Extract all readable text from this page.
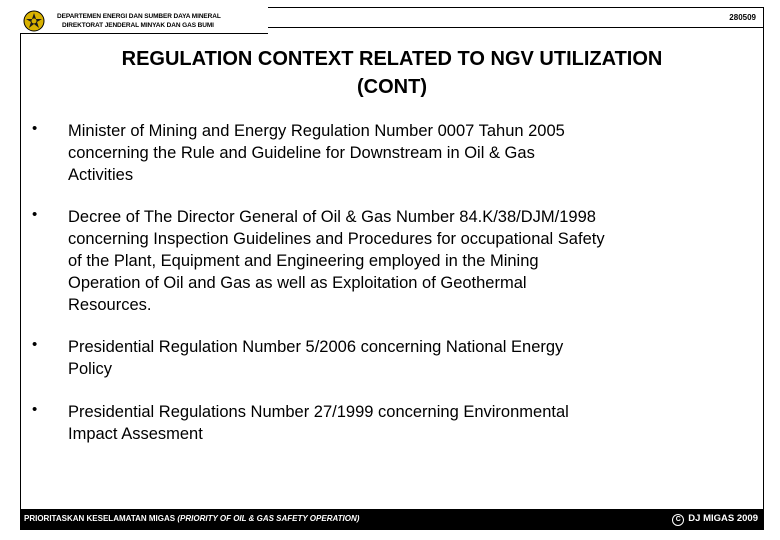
DEPARTEMEN ENERGI DAN SUMBER DAYA MINERAL
DIREKTORAT JENDERAL MINYAK DAN GAS BUMI
280509
REGULATION CONTEXT RELATED TO NGV UTILIZATION
(CONT)
• Minister of Mining and Energy Regulation Number 0007 Tahun 2005
concerning the Rule and Guideline for Downstream in Oil & Gas
Activities
• Decree of The Director General of Oil & Gas Number 84.K/38/DJM/1998
concerning Inspection Guidelines and Procedures for occupational Safety
of the Plant, Equipment and Engineering employed in the Mining
Operation of Oil and Gas as well as Exploitation of Geothermal
Resources.
• Presidential Regulation Number 5/2006 concerning National Energy
Policy
• Presidential Regulations Number 27/1999 concerning Environmental
Impact Assesment
PRIORITASKAN KESELAMATAN MIGAS (PRIORITY OF OIL & GAS SAFETY OPERATION)	C DJ MIGAS 2009
